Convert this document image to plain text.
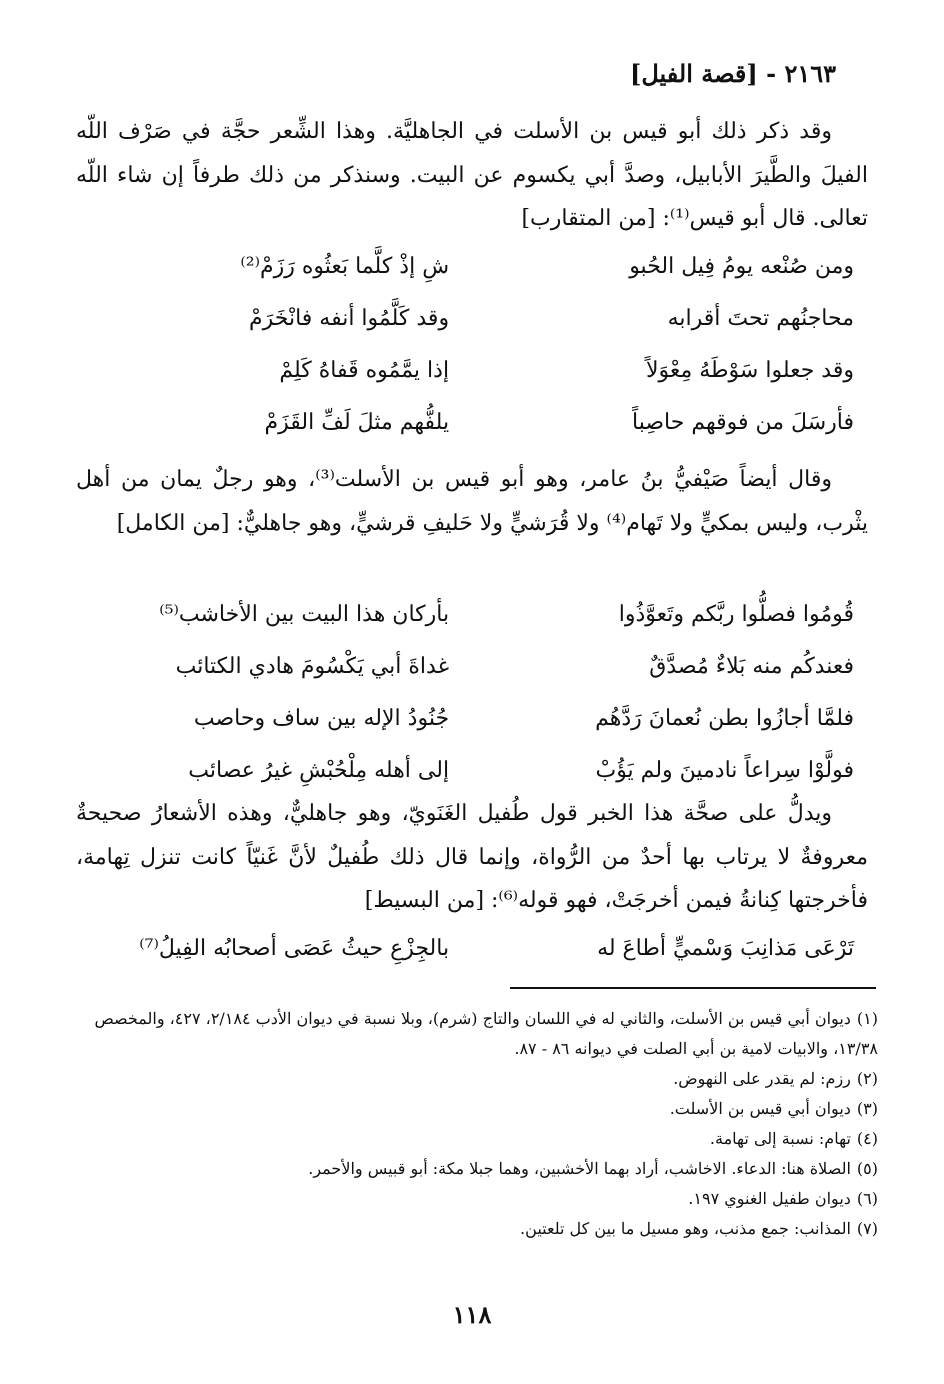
٢١٦٣ - [قصة الفيل]
وقد ذكر ذلك أبو قيس بن الأسلت في الجاهليَّة. وهذا الشِّعر حجَّة في صَرْف اللّه الفيلَ والطَّيرَ الأبابيل، وصدَّ أبي يكسوم عن البيت. وسنذكر من ذلك طرفاً إن شاء اللّه تعالى. قال أبو قيس⁽¹⁾: [من المتقارب]
ومن صُنْعه يومُ فِيل الحُبو
شِ إذْ كلَّما بَعثُوه رَزَمْ⁽²⁾
محاجنُهم تحتَ أقرابه
وقد كَلَّمُوا أنفه فانْخَرَمْ
وقد جعلوا سَوْطَهُ مِعْوَلاً
إذا يمَّمُوه قَفاهُ كَلِمْ
فأرسَلَ من فوقهم حاصِباً
يلفُّهم مثلَ لَفِّ القَزَمْ
وقال أيضاً صَيْفيُّ بنُ عامر، وهو أبو قيس بن الأسلت⁽³⁾، وهو رجلٌ يمان من أهل يثْرب، وليس بمكيٍّ ولا تَهام⁽⁴⁾ ولا قُرَشيٍّ ولا حَليفِ قرشيٍّ، وهو جاهليٌّ: [من الكامل]
قُومُوا فصلُّوا ربَّكم وتَعوَّذُوا
بأركان هذا البيت بين الأخاشب⁽⁵⁾
فعندكُم منه بَلاءٌ مُصدَّقٌ
غداةَ أبي يَكْسُومَ هادي الكتائب
فلمَّا أجازُوا بطن نُعمانَ رَدَّهُم
جُنُودُ الإله بين ساف وحاصب
فولَّوْا سِراعاً نادمينَ ولم يَؤُبْ
إلى أهله مِلْحُبْشِ غيرُ عصائب
ويدلُّ على صحَّة هذا الخبر قول طُفيل الغَنَويّ، وهو جاهليٌّ، وهذه الأشعارُ صحيحةٌ معروفةٌ لا يرتاب بها أحدٌ من الرُّواة، وإنما قال ذلك طُفيلٌ لأنَّ غَنيّاً كانت تنزل تِهامة، فأخرجتها كِنانةُ فيمن أخرجَتْ، فهو قوله⁽⁶⁾: [من البسيط]
تَرْعَى مَذانِبَ وَسْميٍّ أطاعَ له
بالجِزْعِ حيثُ عَصَى أصحابُه الفِيلُ⁽⁷⁾
(١)ديوان أبي قيس بن الأسلت، والثاني له في اللسان والتاج (شرم)، وبلا نسبة في ديوان الأدب ٢/١٨٤، ٤٢٧، والمخصص ١٣/٣٨، والابيات لامية بن أبي الصلت في ديوانه ٨٦ - ٨٧.
(٢)رزم: لم يقدر على النهوض.
(٣)ديوان أبي قيس بن الأسلت.
(٤)تهام: نسبة إلى تهامة.
(٥)الصلاة هنا: الدعاء. الاخاشب، أراد بهما الأخشبين، وهما جبلا مكة: أبو قبيس والأحمر.
(٦)ديوان طفيل الغنوي ١٩٧.
(٧)المذانب: جمع مذنب، وهو مسيل ما بين كل تلعتين.
١١٨
